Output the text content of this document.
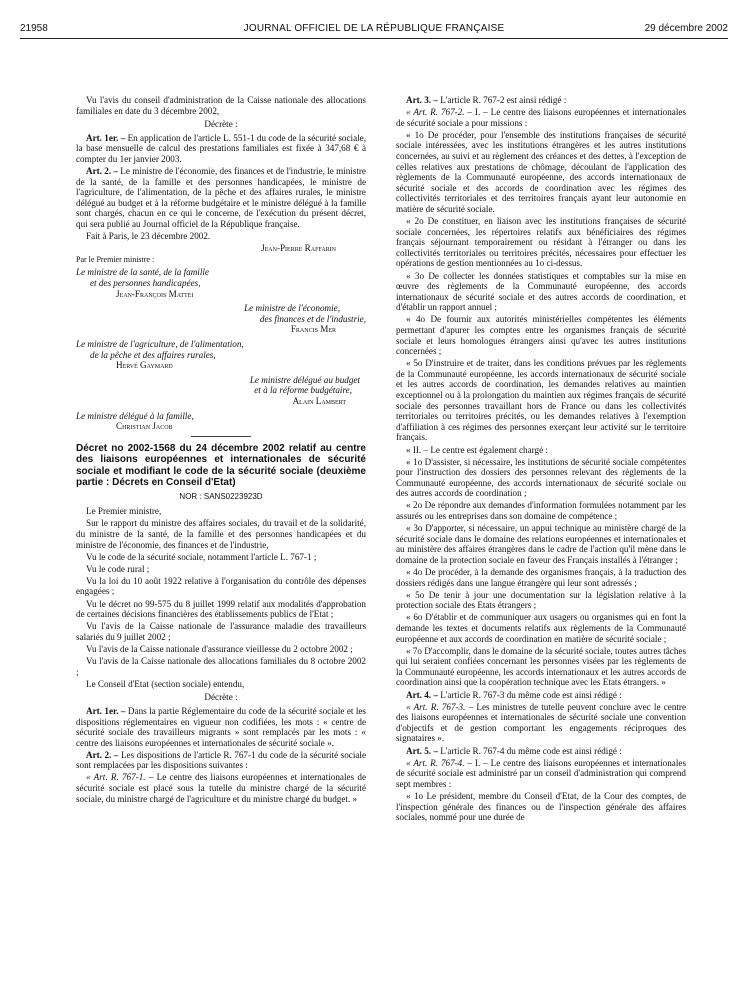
21958	JOURNAL OFFICIEL DE LA RÉPUBLIQUE FRANÇAISE	29 décembre 2002

Vu l'avis du conseil d'administration de la Caisse nationale des allocations familiales en date du 3 décembre 2002,

Décrète :

Art. 1er. – En application de l'article L. 551-1 du code de la sécurité sociale, la base mensuelle de calcul des prestations familiales est fixée à 347,68 € à compter du 1er janvier 2003.

Art. 2. – Le ministre de l'économie, des finances et de l'industrie, le ministre de la santé, de la famille et des personnes handicapées, le ministre de l'agriculture, de l'alimentation, de la pêche et des affaires rurales, le ministre délégué au budget et à la réforme budgétaire et le ministre délégué à la famille sont chargés, chacun en ce qui le concerne, de l'exécution du présent décret, qui sera publié au Journal officiel de la République française.

Fait à Paris, le 23 décembre 2002.

Jean-Pierre Raffarin

Par le Premier ministre :

Le ministre de la santé, de la famille

et des personnes handicapées,

Jean-François Mattei

Le ministre de l'économie,

des finances et de l'industrie,

Francis Mer

Le ministre de l'agriculture, de l'alimentation,

de la pêche et des affaires rurales,

Hervé Gaymard

Le ministre délégué au budget

et à la réforme budgétaire,

Alain Lambert

Le ministre délégué à la famille,

Christian Jacob

Décret no 2002-1568 du 24 décembre 2002 relatif au centre des liaisons européennes et internationales de sécurité sociale et modifiant le code de la sécurité sociale (deuxième partie : Décrets en Conseil d'Etat)

NOR : SANS0223923D

Le Premier ministre,

Sur le rapport du ministre des affaires sociales, du travail et de la solidarité, du ministre de la santé, de la famille et des personnes handicapées et du ministre de l'économie, des finances et de l'industrie,

Vu le code de la sécurité sociale, notamment l'article L. 767-1 ;

Vu le code rural ;

Vu la loi du 10 août 1922 relative à l'organisation du contrôle des dépenses engagées ;

Vu le décret no 99-575 du 8 juillet 1999 relatif aux modalités d'approbation de certaines décisions financières des établissements publics de l'Etat ;

Vu l'avis de la Caisse nationale de l'assurance maladie des travailleurs salariés du 9 juillet 2002 ;

Vu l'avis de la Caisse nationale d'assurance vieillesse du 2 octobre 2002 ;

Vu l'avis de la Caisse nationale des allocations familiales du 8 octobre 2002 ;

Le Conseil d'Etat (section sociale) entendu,

Décrète :

Art. 1er. – Dans la partie Réglementaire du code de la sécurité sociale et les dispositions réglementaires en vigueur non codifiées, les mots : « centre de sécurité sociale des travailleurs migrants » sont remplacés par les mots : « centre des liaisons européennes et internationales de sécurité sociale ».

Art. 2. – Les dispositions de l'article R. 767-1 du code de la sécurité sociale sont remplacées par les dispositions suivantes :

« Art. R. 767-1. – Le centre des liaisons européennes et internationales de sécurité sociale est placé sous la tutelle du ministre chargé de la sécurité sociale, du ministre chargé de l'agriculture et du ministre chargé du budget. »

Art. 3. – L'article R. 767-2 est ainsi rédigé :

« Art. R. 767-2. – I. – Le centre des liaisons européennes et internationales de sécurité sociale a pour missions :

« 1o De procéder, pour l'ensemble des institutions françaises de sécurité sociale intéressées, avec les institutions étrangères et les autres institutions concernées, au suivi et au règlement des créances et des dettes, à l'exception de celles relatives aux prestations de chômage, découlant de l'application des règlements de la Communauté européenne, des accords internationaux de sécurité sociale et des accords de coordination avec les régimes des collectivités territoriales et des territoires français ayant leur autonomie en matière de sécurité sociale.

« 2o De constituer, en liaison avec les institutions françaises de sécurité sociale concernées, les répertoires relatifs aux bénéficiaires des régimes français séjournant temporairement ou résidant à l'étranger ou dans les collectivités territoriales ou territoires précités, nécessaires pour effectuer les opérations de gestion mentionnées au 1o ci-dessus.

« 3o De collecter les données statistiques et comptables sur la mise en œuvre des règlements de la Communauté européenne, des accords internationaux de sécurité sociale et des autres accords de coordination, et d'établir un rapport annuel ;

« 4o De fournir aux autorités ministérielles compétentes les éléments permettant d'apurer les comptes entre les organismes français de sécurité sociale et leurs homologues étrangers ainsi qu'avec les autres institutions concernées ;

« 5o D'instruire et de traiter, dans les conditions prévues par les règlements de la Communauté européenne, les accords internationaux de sécurité sociale et les autres accords de coordination, les demandes relatives au maintien exceptionnel ou à la prolongation du maintien aux régimes français de sécurité sociale des personnes travaillant hors de France ou dans les collectivités territoriales ou territoires précités, ou les demandes relatives à l'exemption d'affiliation à ces régimes des personnes exerçant leur activité sur le territoire français.

« II. – Le centre est également chargé :

« 1o D'assister, si nécessaire, les institutions de sécurité sociale compétentes pour l'instruction des dossiers des personnes relevant des règlements de la Communauté européenne, des accords internationaux de sécurité sociale ou des autres accords de coordination ;

« 2o De répondre aux demandes d'information formulées notamment par les assurés ou les entreprises dans son domaine de compétence ;

« 3o D'apporter, si nécessaire, un appui technique au ministère chargé de la sécurité sociale dans le domaine des relations européennes et internationales et au ministère des affaires étrangères dans le cadre de l'action qu'il mène dans le domaine de la protection sociale en faveur des Français installés à l'étranger ;

« 4o De procéder, à la demande des organismes français, à la traduction des dossiers rédigés dans une langue étrangère qui leur sont adressés ;

« 5o De tenir à jour une documentation sur la législation relative à la protection sociale des Etats étrangers ;

« 6o D'établir et de communiquer aux usagers ou organismes qui en font la demande les textes et documents relatifs aux règlements de la Communauté européenne et aux accords de coordination en matière de sécurité sociale ;

« 7o D'accomplir, dans le domaine de la sécurité sociale, toutes autres tâches qui lui seraient confiées concernant les personnes visées par les règlements de la Communauté européenne, les accords internationaux et les autres accords de coordination ainsi que la coopération technique avec les Etats étrangers. »

Art. 4. – L'article R. 767-3 du même code est ainsi rédigé :

« Art. R. 767-3. – Les ministres de tutelle peuvent conclure avec le centre des liaisons européennes et internationales de sécurité sociale une convention d'objectifs et de gestion comportant les engagements réciproques des signataires ».

Art. 5. – L'article R. 767-4 du même code est ainsi rédigé :

« Art. R. 767-4. – I. – Le centre des liaisons européennes et internationales de sécurité sociale est administré par un conseil d'administration qui comprend sept membres :

« 1o Le président, membre du Conseil d'Etat, de la Cour des comptes, de l'inspection générale des finances ou de l'inspection générale des affaires sociales, nommé pour une durée de
